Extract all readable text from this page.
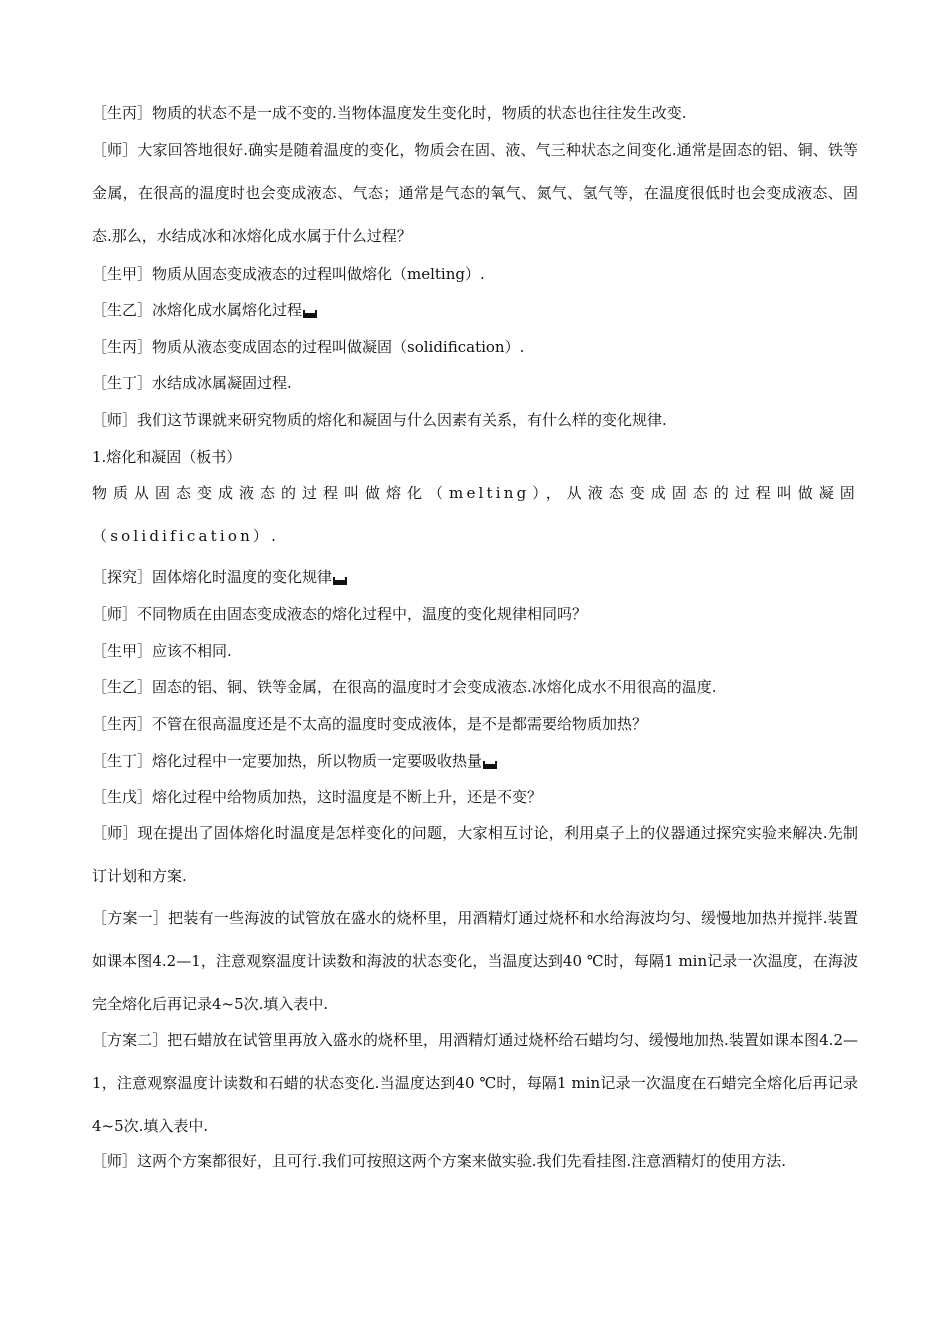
［生丙］物质的状态不是一成不变的.当物体温度发生变化时，物质的状态也往往发生改变.

［师］大家回答地很好.确实是随着温度的变化，物质会在固、液、气三种状态之间变化.通常是固态的铝、铜、铁等金属，在很高的温度时也会变成液态、气态；通常是气态的氧气、氮气、氢气等，在温度很低时也会变成液态、固态.那么，水结成冰和冰熔化成水属于什么过程？

［生甲］物质从固态变成液态的过程叫做熔化（melting）.

［生乙］冰熔化成水属熔化过程

［生丙］物质从液态变成固态的过程叫做凝固（solidification）.

［生丁］水结成冰属凝固过程.

［师］我们这节课就来研究物质的熔化和凝固与什么因素有关系，有什么样的变化规律.

1.熔化和凝固（板书）

物质从固态变成液态的过程叫做熔化（melting），从液态变成固态的过程叫做凝固（solidification）.

［探究］固体熔化时温度的变化规律

［师］不同物质在由固态变成液态的熔化过程中，温度的变化规律相同吗？

［生甲］应该不相同.

［生乙］固态的铝、铜、铁等金属，在很高的温度时才会变成液态.冰熔化成水不用很高的温度.

［生丙］不管在很高温度还是不太高的温度时变成液体，是不是都需要给物质加热？

［生丁］熔化过程中一定要加热，所以物质一定要吸收热量

［生戊］熔化过程中给物质加热，这时温度是不断上升，还是不变？

［师］现在提出了固体熔化时温度是怎样变化的问题，大家相互讨论，利用桌子上的仪器通过探究实验来解决.先制订计划和方案.

［方案一］把装有一些海波的试管放在盛水的烧杯里，用酒精灯通过烧杯和水给海波均匀、缓慢地加热并搅拌.装置如课本图4.2—1，注意观察温度计读数和海波的状态变化，当温度达到40 ℃时，每隔1 min记录一次温度，在海波完全熔化后再记录4~5次.填入表中.

［方案二］把石蜡放在试管里再放入盛水的烧杯里，用酒精灯通过烧杯给石蜡均匀、缓慢地加热.装置如课本图4.2—1，注意观察温度计读数和石蜡的状态变化.当温度达到40 ℃时，每隔1 min记录一次温度在石蜡完全熔化后再记录4~5次.填入表中.

［师］这两个方案都很好，且可行.我们可按照这两个方案来做实验.我们先看挂图.注意酒精灯的使用方法.
